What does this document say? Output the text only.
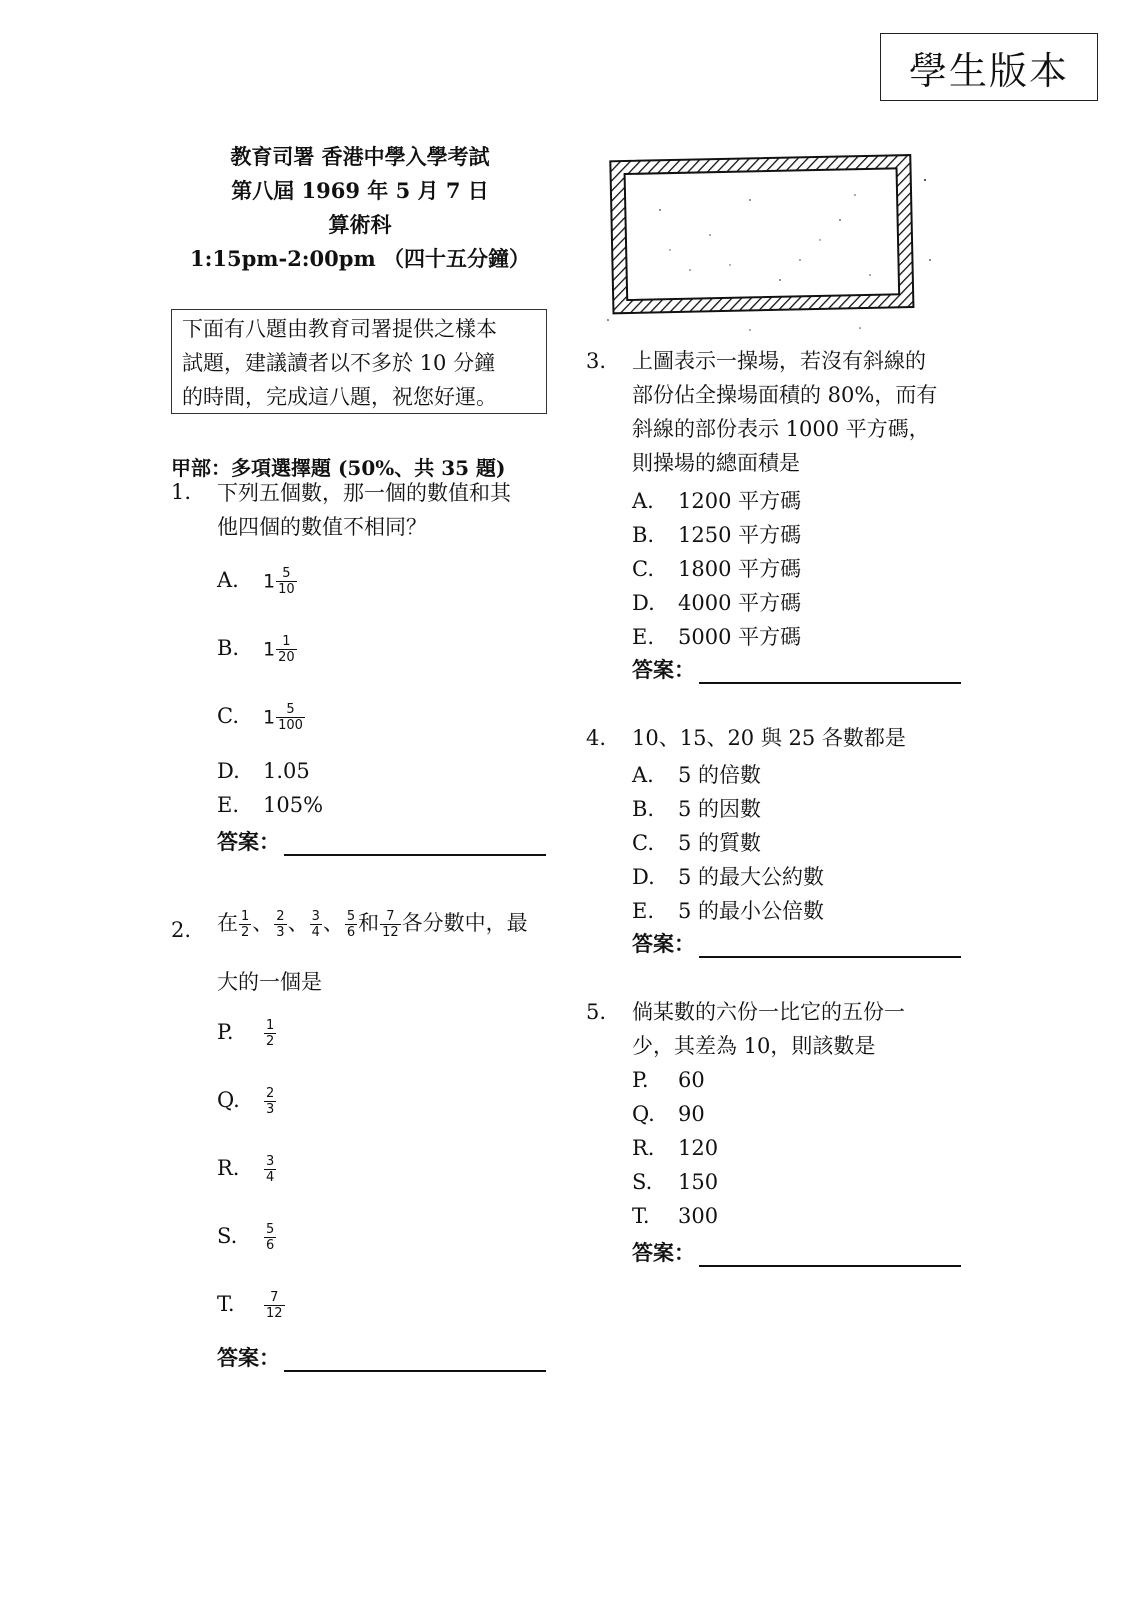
學生版本
教育司署 香港中學入學考試
第八屆 1969 年 5 月 7 日
算術科
1:15pm-2:00pm （四十五分鐘）
下面有八題由教育司署提供之樣本
試題，建議讀者以不多於 10 分鐘
的時間，完成這八題，祝您好運。
甲部：多項選擇題 (50%、共 35 題)
1. 下列五個數，那一個的數值和其
他四個的數值不相同？
A. $1 \frac{5}{10}$
B. $1 \frac{1}{20}$
C. $1 \frac{5}{100}$
D. 1.05
E. 105%
答案：
2. 在 $\frac{1}{2}$ 、 $\frac{2}{3}$ 、 $\frac{3}{4}$ 、 $\frac{5}{6}$ 和 $\frac{7}{12}$ 各分數中，最
大的一個是
P. $\frac{1}{2}$
Q. $\frac{2}{3}$
R. $\frac{3}{4}$
S. $\frac{5}{6}$
T. $\frac{7}{12}$
答案：
3. 上圖表示一操場，若沒有斜線的
部份佔全操場面積的 80%，而有
斜線的部份表示 1000 平方碼，
則操場的總面積是
A. 1200 平方碼
B. 1250 平方碼
C. 1800 平方碼
D. 4000 平方碼
E. 5000 平方碼
答案：
4. 10、15、20 與 25 各數都是
A. 5 的倍數
B. 5 的因數
C. 5 的質數
D. 5 的最大公約數
E. 5 的最小公倍數
答案：
5. 倘某數的六份一比它的五份一
少，其差為 10，則該數是
P. 60
Q. 90
R. 120
S. 150
T. 300
答案：
